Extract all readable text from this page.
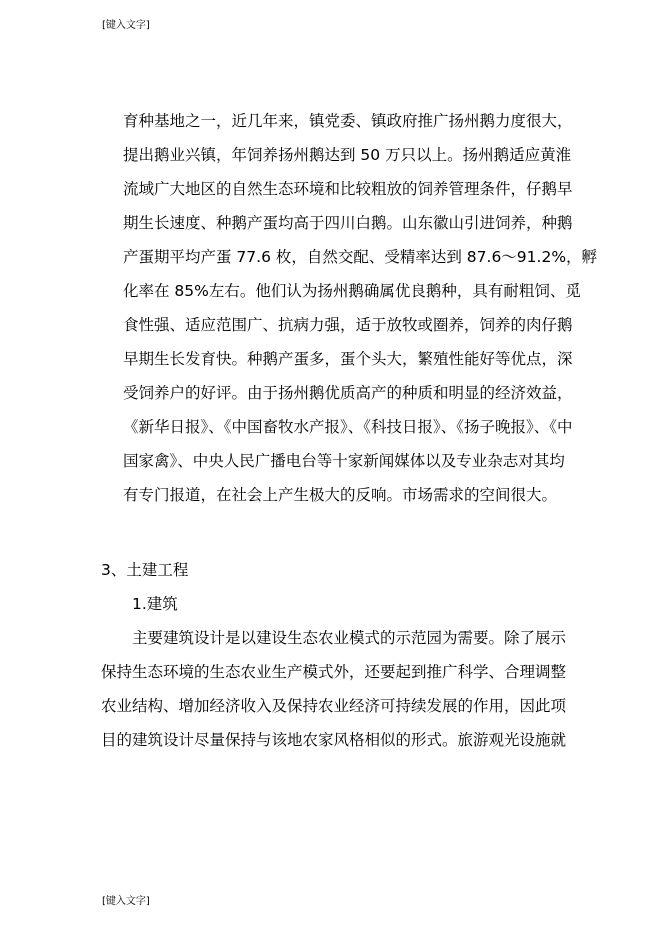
[键入文字]
育种基地之一，近几年来，镇党委、镇政府推广扬州鹅力度很大，
提出鹅业兴镇，年饲养扬州鹅达到 50 万只以上。扬州鹅适应黄淮
流域广大地区的自然生态环境和比较粗放的饲养管理条件，仔鹅早
期生长速度、种鹅产蛋均高于四川白鹅。山东徽山引进饲养，种鹅
产蛋期平均产蛋 77.6 枚，自然交配、受精率达到 87.6～91.2%，孵
化率在 85%左右。他们认为扬州鹅确属优良鹅种，具有耐粗饲、觅
食性强、适应范围广、抗病力强，适于放牧或圈养，饲养的肉仔鹅
早期生长发育快。种鹅产蛋多，蛋个头大，繁殖性能好等优点，深
受饲养户的好评。由于扬州鹅优质高产的种质和明显的经济效益，
《新华日报》、《中国畜牧水产报》、《科技日报》、《扬子晚报》、《中
国家禽》、中央人民广播电台等十家新闻媒体以及专业杂志对其均
有专门报道，在社会上产生极大的反响。市场需求的空间很大。
3、土建工程
1.建筑
主要建筑设计是以建设生态农业模式的示范园为需要。除了展示
保持生态环境的生态农业生产模式外，还要起到推广科学、合理调整
农业结构、增加经济收入及保持农业经济可持续发展的作用，因此项
目的建筑设计尽量保持与该地农家风格相似的形式。旅游观光设施就
[键入文字]
